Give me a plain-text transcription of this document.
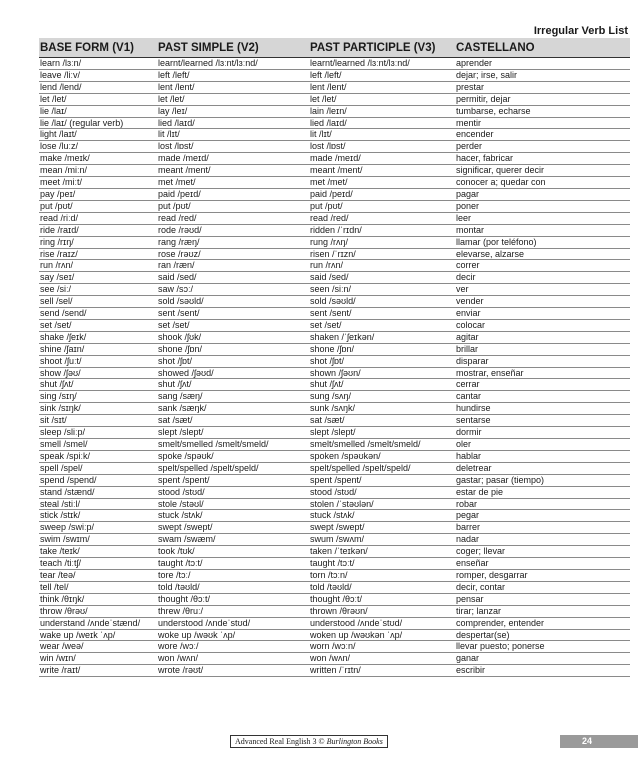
Irregular Verb List
BASE FORM (V1)	PAST SIMPLE (V2)	PAST PARTICIPLE (V3)	CASTELLANO
learn /lɜːn/	learnt/learned /lɜːnt/lɜːnd/	learnt/learned /lɜːnt/lɜːnd/	aprender
leave /liːv/	left /left/	left /left/	dejar; irse, salir
lend /lend/	lent /lent/	lent /lent/	prestar
let /let/	let /let/	let /let/	permitir, dejar
lie /laɪ/	lay /leɪ/	lain /leɪn/	tumbarse, echarse
lie /laɪ/ (regular verb)	lied /laɪd/	lied /laɪd/	mentir
light /laɪt/	lit /lɪt/	lit /lɪt/	encender
lose /luːz/	lost /lɒst/	lost /lɒst/	perder
make /meɪk/	made /meɪd/	made /meɪd/	hacer, fabricar
mean /miːn/	meant /ment/	meant /ment/	significar, querer decir
meet /miːt/	met /met/	met /met/	conocer a; quedar con
pay /peɪ/	paid /peɪd/	paid /peɪd/	pagar
put /pʊt/	put /pʊt/	put /pʊt/	poner
read /riːd/	read /red/	read /red/	leer
ride /raɪd/	rode /rəʊd/	ridden /ˈrɪdn/	montar
ring /rɪŋ/	rang /ræŋ/	rung /rʌŋ/	llamar (por teléfono)
rise /raɪz/	rose /rəʊz/	risen /ˈrɪzn/	elevarse, alzarse
run /rʌn/	ran /ræn/	run /rʌn/	correr
say /seɪ/	said /sed/	said /sed/	decir
see /siː/	saw /sɔː/	seen /siːn/	ver
sell /sel/	sold /səʊld/	sold /səʊld/	vender
send /send/	sent /sent/	sent /sent/	enviar
set /set/	set /set/	set /set/	colocar
shake /ʃeɪk/	shook /ʃʊk/	shaken /ˈʃeɪkən/	agitar
shine /ʃaɪn/	shone /ʃɒn/	shone /ʃɒn/	brillar
shoot /ʃuːt/	shot /ʃɒt/	shot /ʃɒt/	disparar
show /ʃəʊ/	showed /ʃəʊd/	shown /ʃəʊn/	mostrar, enseñar
shut /ʃʌt/	shut /ʃʌt/	shut /ʃʌt/	cerrar
sing /sɪŋ/	sang /sæŋ/	sung /sʌŋ/	cantar
sink /sɪŋk/	sank /sæŋk/	sunk /sʌŋk/	hundirse
sit /sɪt/	sat /sæt/	sat /sæt/	sentarse
sleep /sliːp/	slept /slept/	slept /slept/	dormir
smell /smel/	smelt/smelled /smelt/smeld/	smelt/smelled /smelt/smeld/	oler
speak /spiːk/	spoke /spəʊk/	spoken /spəʊkən/	hablar
spell /spel/	spelt/spelled /spelt/speld/	spelt/spelled /spelt/speld/	deletrear
spend /spend/	spent /spent/	spent /spent/	gastar; pasar (tiempo)
stand /stænd/	stood /stʊd/	stood /stʊd/	estar de pie
steal /stiːl/	stole /stəʊl/	stolen /ˈstəʊlən/	robar
stick /stɪk/	stuck /stʌk/	stuck /stʌk/	pegar
sweep /swiːp/	swept /swept/	swept /swept/	barrer
swim /swɪm/	swam /swæm/	swum /swʌm/	nadar
take /teɪk/	took /tʊk/	taken /ˈteɪkən/	coger; llevar
teach /tiːtʃ/	taught /tɔːt/	taught /tɔːt/	enseñar
tear /teə/	tore /tɔː/	torn /tɔːn/	romper, desgarrar
tell /tel/	told /təʊld/	told /təʊld/	decir, contar
think /θɪŋk/	thought /θɔːt/	thought /θɔːt/	pensar
throw /θrəʊ/	threw /θruː/	thrown /θrəʊn/	tirar; lanzar
understand /ʌndeˈstænd/	understood /ʌndeˈstʊd/	understood /ʌndeˈstʊd/	comprender, entender
wake up /weɪk ˈʌp/	woke up /wəʊk ˈʌp/	woken up /wəʊkən ˈʌp/	despertar(se)
wear /weə/	wore /wɔː/	worn /wɔːn/	llevar puesto; ponerse
win /wɪn/	won /wʌn/	won /wʌn/	ganar
write /raɪt/	wrote /rəʊt/	written /ˈrɪtn/	escribir
Advanced Real English 3 © Burlington Books	24
